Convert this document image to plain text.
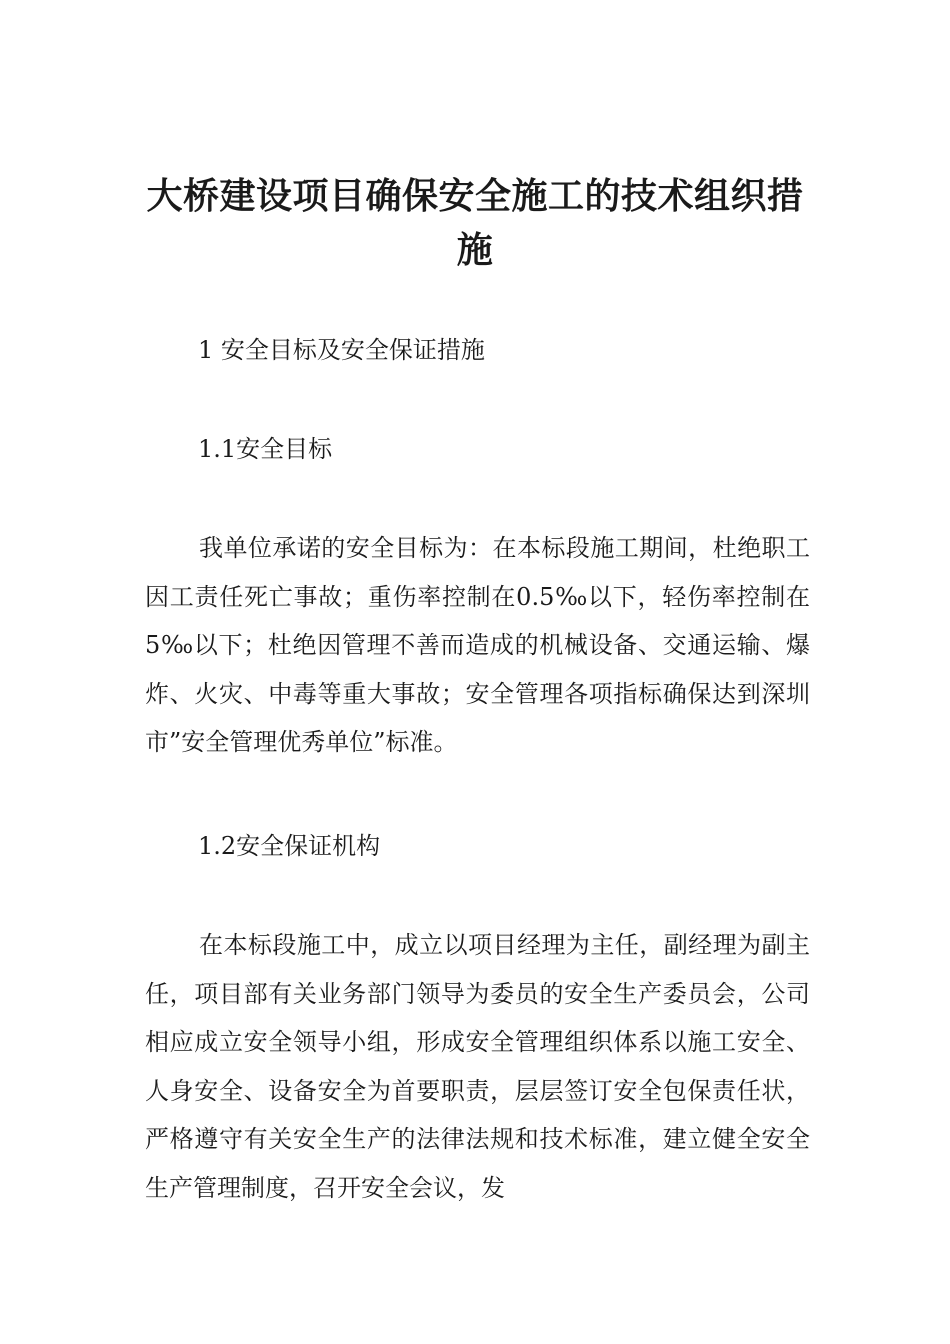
大桥建设项目确保安全施工的技术组织措施
1 安全目标及安全保证措施
1.1安全目标
我单位承诺的安全目标为：在本标段施工期间，杜绝职工因工责任死亡事故；重伤率控制在0.5‰以下，轻伤率控制在5‰以下；杜绝因管理不善而造成的机械设备、交通运输、爆炸、火灾、中毒等重大事故；安全管理各项指标确保达到深圳市”安全管理优秀单位”标准。
1.2安全保证机构
在本标段施工中，成立以项目经理为主任，副经理为副主任，项目部有关业务部门领导为委员的安全生产委员会，公司相应成立安全领导小组，形成安全管理组织体系以施工安全、人身安全、设备安全为首要职责，层层签订安全包保责任状，严格遵守有关安全生产的法律法规和技术标准，建立健全安全生产管理制度，召开安全会议，发
